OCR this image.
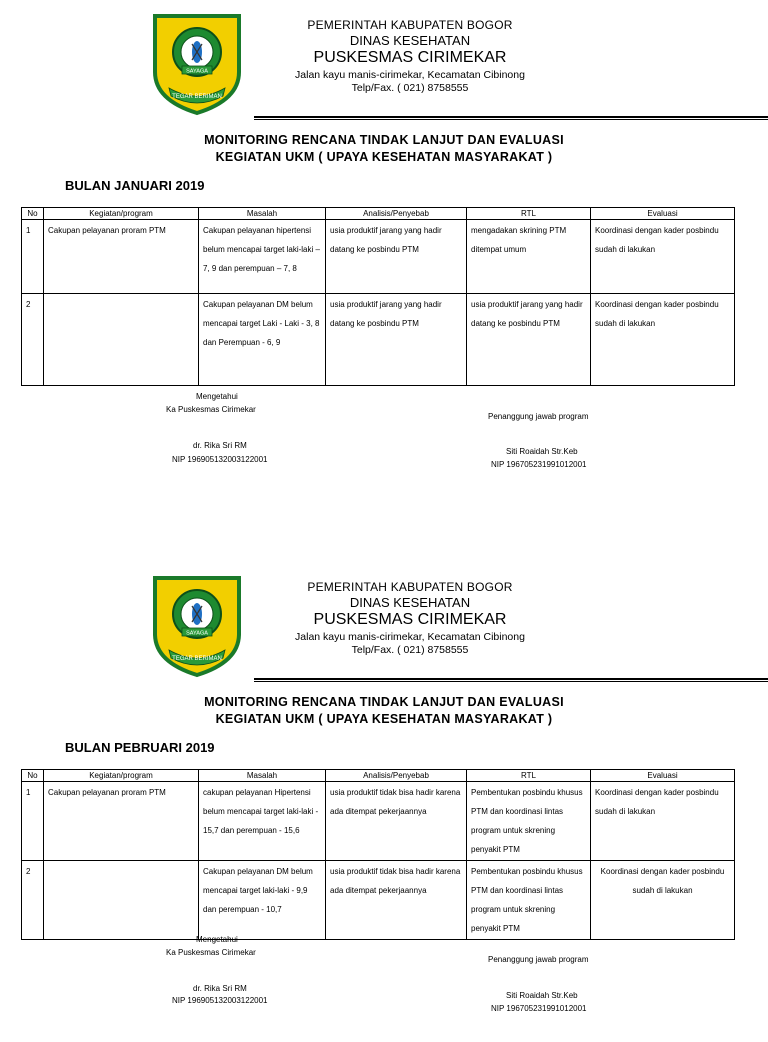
SAYAGA
TEGAR BERIMAN
PEMERINTAH KABUPATEN BOGOR
DINAS KESEHATAN
PUSKESMAS CIRIMEKAR
Jalan kayu manis-cirimekar, Kecamatan Cibinong
Telp/Fax. ( 021) 8758555
MONITORING RENCANA TINDAK LANJUT DAN EVALUASI
KEGIATAN UKM ( UPAYA KESEHATAN MASYARAKAT )
BULAN JANUARI 2019
No	Kegiatan/program	Masalah	Analisis/Penyebab	RTL	Evaluasi
1	Cakupan pelayanan proram PTM	Cakupan pelayanan hipertensi belum mencapai target laki-laki – 7, 9 dan perempuan – 7, 8	usia produktif jarang yang hadir datang ke posbindu PTM	mengadakan skrining PTM ditempat umum	Koordinasi dengan kader posbindu sudah di lakukan
2		Cakupan pelayanan DM belum mencapai target Laki - Laki - 3, 8 dan Perempuan - 6, 9	usia produktif jarang yang hadir datang ke posbindu PTM	usia produktif jarang yang hadir datang ke posbindu PTM	Koordinasi dengan kader posbindu sudah di lakukan
Mengetahui
Ka Puskesmas Cirimekar
dr. Rika Sri RM
NIP 196905132003122001
Penanggung jawab program
Siti Roaidah Str.Keb
NIP 196705231991012001
SAYAGA
TEGAR BERIMAN
PEMERINTAH KABUPATEN BOGOR
DINAS KESEHATAN
PUSKESMAS CIRIMEKAR
Jalan kayu manis-cirimekar, Kecamatan Cibinong
Telp/Fax. ( 021) 8758555
MONITORING RENCANA TINDAK LANJUT DAN EVALUASI
KEGIATAN UKM ( UPAYA KESEHATAN MASYARAKAT )
BULAN PEBRUARI 2019
No	Kegiatan/program	Masalah	Analisis/Penyebab	RTL	Evaluasi
1	Cakupan pelayanan proram PTM	cakupan pelayanan Hipertensi belum mencapai target laki-laki - 15,7 dan perempuan - 15,6	usia produktif tidak bisa hadir karena ada ditempat pekerjaannya	Pembentukan posbindu khusus PTM dan koordinasi lintas program untuk skrening penyakit PTM	Koordinasi dengan kader posbindu sudah di lakukan
2		Cakupan pelayanan DM belum mencapai target laki-laki - 9,9 dan perempuan - 10,7	usia produktif tidak bisa hadir karena ada ditempat pekerjaannya	Pembentukan posbindu khusus PTM dan koordinasi lintas program untuk skrening penyakit PTM	Koordinasi dengan kader posbindu sudah di lakukan
Mengetahui
Ka Puskesmas Cirimekar
dr. Rika Sri RM
NIP 196905132003122001
Penanggung jawab program
Siti Roaidah Str.Keb
NIP 196705231991012001
